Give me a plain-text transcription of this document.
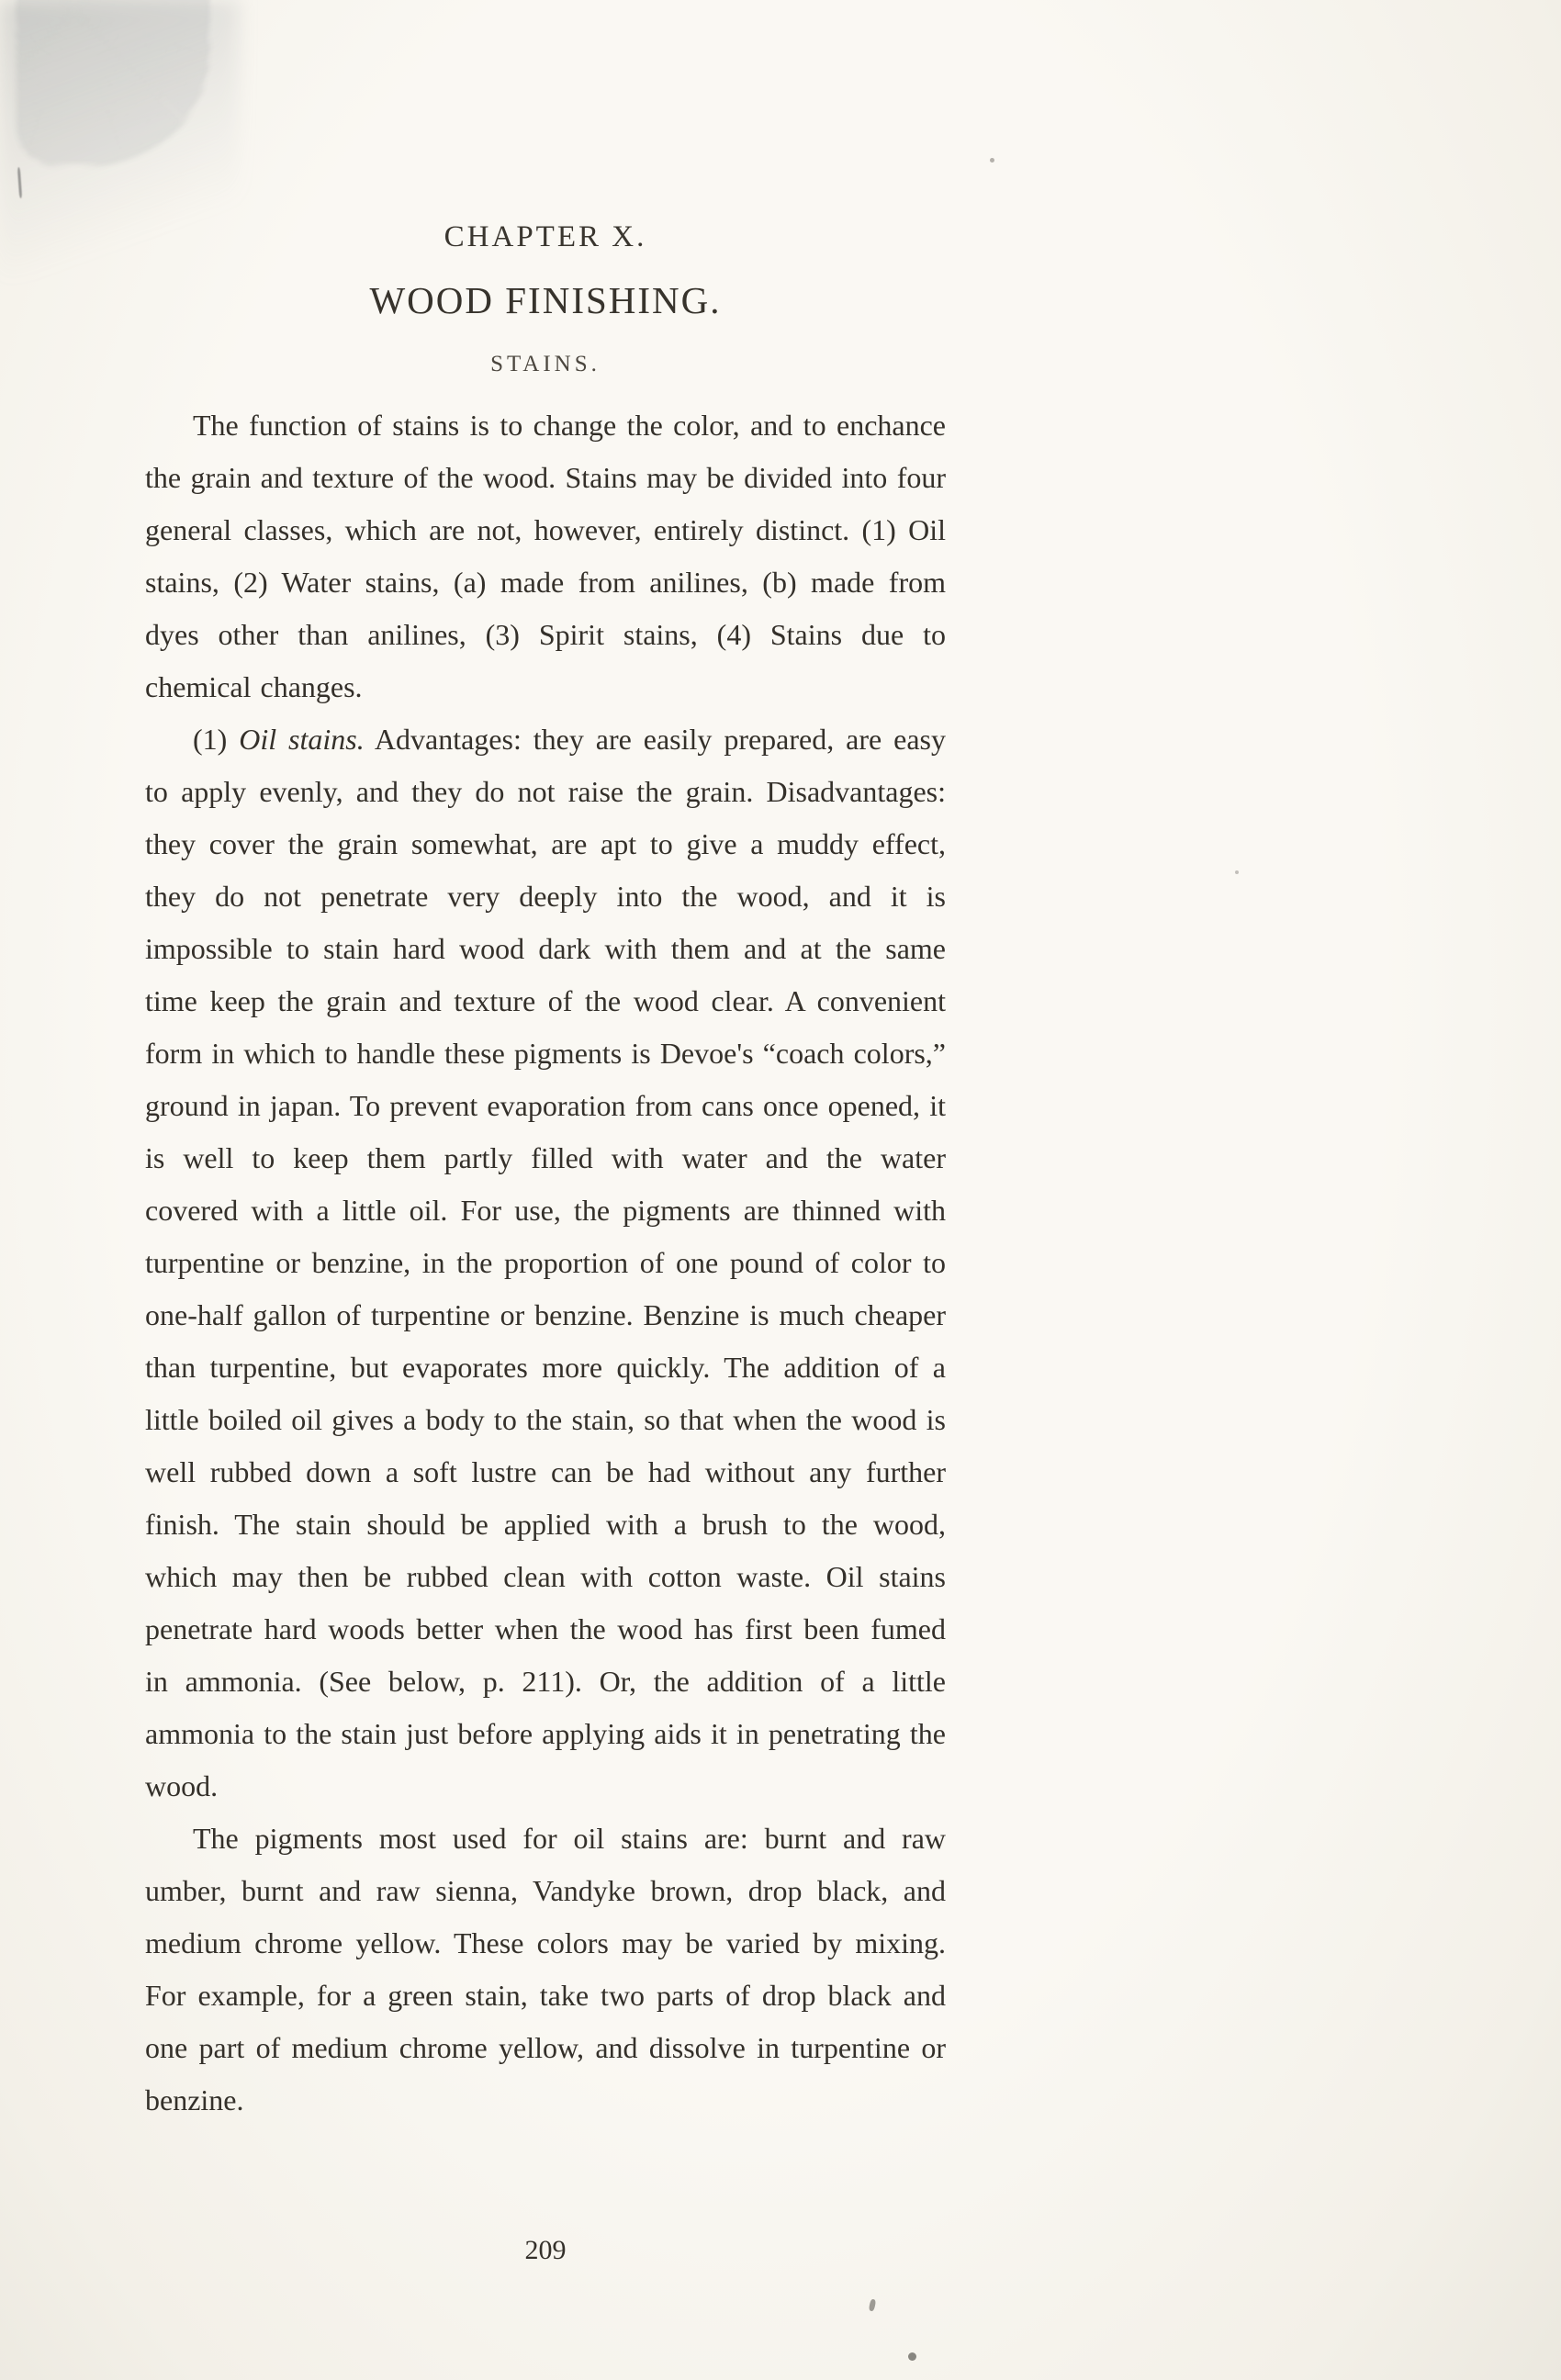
CHAPTER X.
WOOD FINISHING.
STAINS.

The function of stains is to change the color, and to enchance the grain and texture of the wood. Stains may be divided into four general classes, which are not, however, entirely distinct. (1) Oil stains, (2) Water stains, (a) made from anilines, (b) made from dyes other than anilines, (3) Spirit stains, (4) Stains due to chemical changes.

(1) Oil stains. Advantages: they are easily prepared, are easy to apply evenly, and they do not raise the grain. Disadvantages: they cover the grain somewhat, are apt to give a muddy effect, they do not penetrate very deeply into the wood, and it is impossible to stain hard wood dark with them and at the same time keep the grain and texture of the wood clear. A convenient form in which to handle these pigments is Devoe's “coach colors,” ground in japan. To prevent evaporation from cans once opened, it is well to keep them partly filled with water and the water covered with a little oil. For use, the pigments are thinned with turpentine or benzine, in the proportion of one pound of color to one-half gallon of turpentine or benzine. Benzine is much cheaper than turpentine, but evaporates more quickly. The addition of a little boiled oil gives a body to the stain, so that when the wood is well rubbed down a soft lustre can be had without any further finish. The stain should be applied with a brush to the wood, which may then be rubbed clean with cotton waste. Oil stains penetrate hard woods better when the wood has first been fumed in ammonia. (See below, p. 211). Or, the addition of a little ammonia to the stain just before applying aids it in penetrating the wood.

The pigments most used for oil stains are: burnt and raw umber, burnt and raw sienna, Vandyke brown, drop black, and medium chrome yellow. These colors may be varied by mixing. For example, for a green stain, take two parts of drop black and one part of medium chrome yellow, and dissolve in turpentine or benzine.

209
